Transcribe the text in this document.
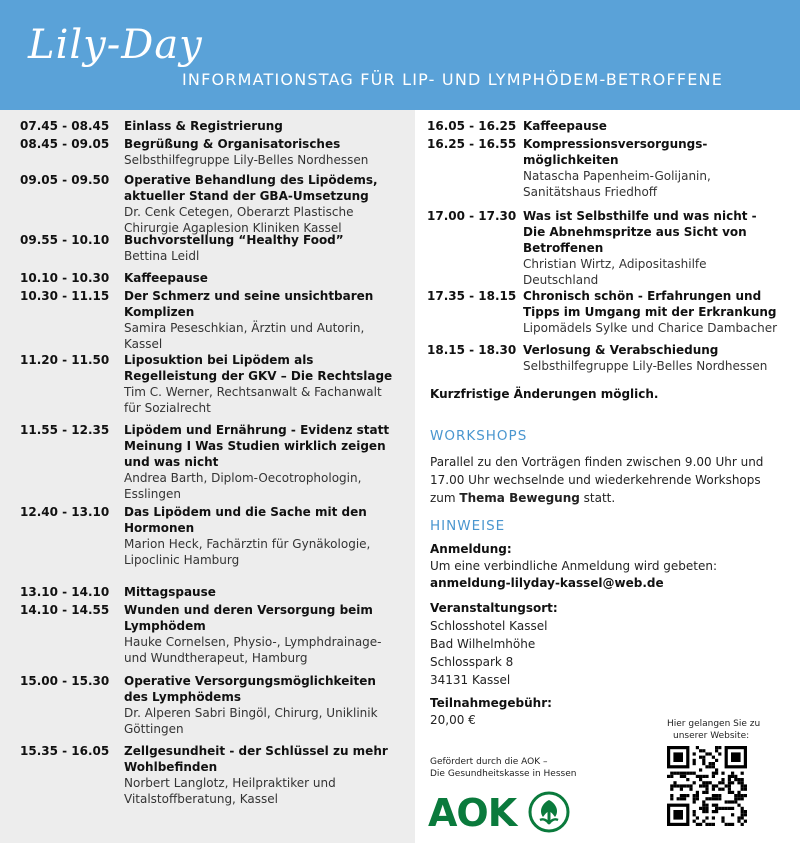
Lily-Day
INFORMATIONSTAG FÜR LIP- UND LYMPHÖDEM-BETROFFENE
07.45 - 08.45 Einlass & Registrierung
08.45 - 09.05 Begrüßung & Organisatorisches
Selbsthilfegruppe Lily-Belles Nordhessen
09.05 - 09.50 Operative Behandlung des Lipödems,
aktueller Stand der GBA-Umsetzung
Dr. Cenk Cetegen, Oberarzt Plastische
Chirurgie Agaplesion Kliniken Kassel
09.55 - 10.10 Buchvorstellung “Healthy Food”
Bettina Leidl
10.10 - 10.30 Kaffeepause
10.30 - 11.15 Der Schmerz und seine unsichtbaren
Komplizen
Samira Peseschkian, Ärztin und Autorin,
Kassel
11.20 - 11.50 Liposuktion bei Lipödem als
Regelleistung der GKV – Die Rechtslage
Tim C. Werner, Rechtsanwalt & Fachanwalt
für Sozialrecht
11.55 - 12.35 Lipödem und Ernährung - Evidenz statt
Meinung I Was Studien wirklich zeigen
und was nicht
Andrea Barth, Diplom-Oecotrophologin,
Esslingen
12.40 - 13.10 Das Lipödem und die Sache mit den
Hormonen
Marion Heck, Fachärztin für Gynäkologie,
Lipoclinic Hamburg
13.10 - 14.10 Mittagspause
14.10 - 14.55 Wunden und deren Versorgung beim
Lymphödem
Hauke Cornelsen, Physio-, Lymphdrainage-
und Wundtherapeut, Hamburg
15.00 - 15.30 Operative Versorgungsmöglichkeiten
des Lymphödems
Dr. Alperen Sabri Bingöl, Chirurg, Uniklinik
Göttingen
15.35 - 16.05 Zellgesundheit - der Schlüssel zu mehr
Wohlbefinden
Norbert Langlotz, Heilpraktiker und
Vitalstoffberatung, Kassel
Kurzfristige Änderungen möglich.
WORKSHOPS
Parallel zu den Vorträgen finden zwischen 9.00 Uhr und 17.00 Uhr wechselnde und wiederkehrende Workshops zum Thema Bewegung statt.
HINWEISE
Anmeldung:
Um eine verbindliche Anmeldung wird gebeten:
anmeldung-lilyday-kassel@web.de
Veranstaltungsort:
Schlosshotel Kassel
Bad Wilhelmhöhe
Schlosspark 8
34131 Kassel
Teilnahmegebühr:
20,00 €	Hier gelangen Sie zu
unserer Website:
Gefördert durch die AOK –
Die Gesundheitskasse in Hessen
AOK
16.05 - 16.25 Kaffeepause
16.25 - 16.55 Kompressionsversorgungs-
möglichkeiten
Natascha Papenheim-Golijanin,
Sanitätshaus Friedhoff
17.00 - 17.30 Was ist Selbsthilfe und was nicht -
Die Abnehmspritze aus Sicht von
Betroffenen
Christian Wirtz, Adipositashilfe
Deutschland
17.35 - 18.15 Chronisch schön - Erfahrungen und
Tipps im Umgang mit der Erkrankung
Lipomädels Sylke und Charice Dambacher
18.15 - 18.30 Verlosung & Verabschiedung
Selbsthilfegruppe Lily-Belles Nordhessen
